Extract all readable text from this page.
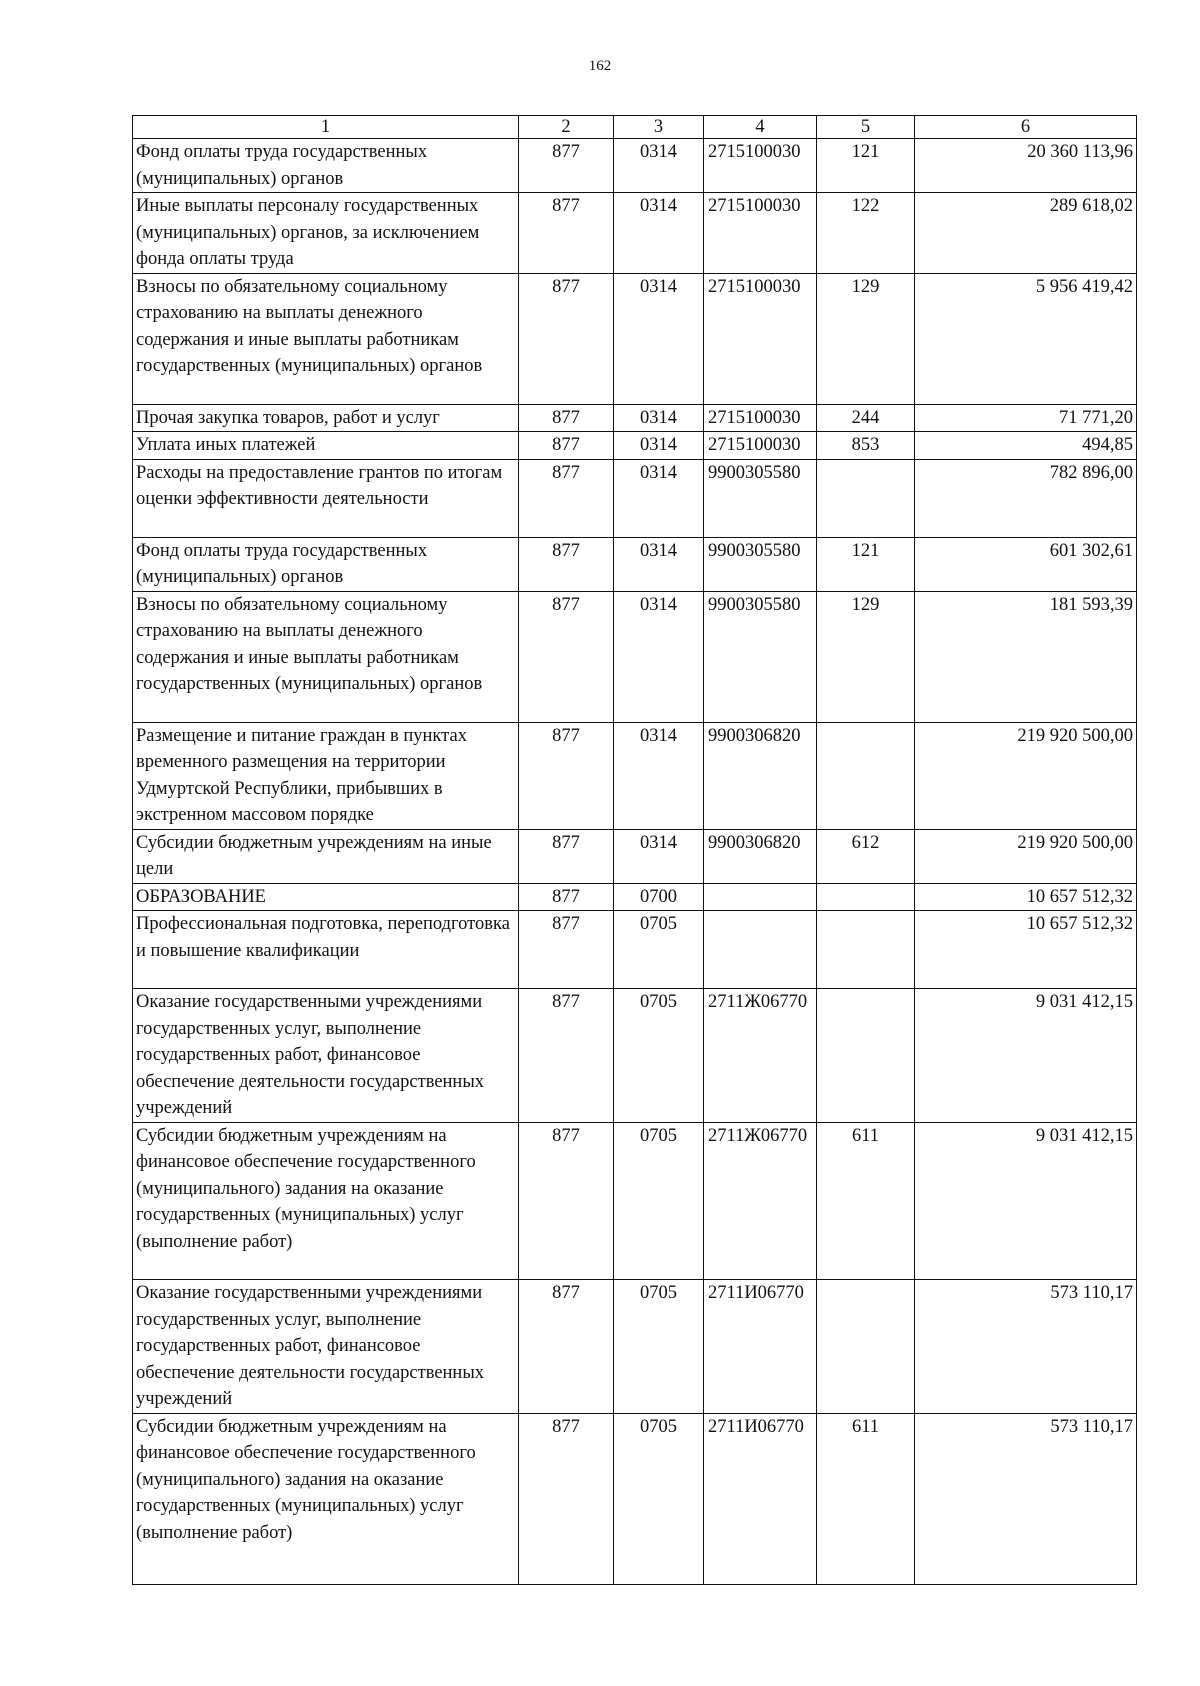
162
1	2	3	4	5	6
Фонд оплаты труда государственных (муниципальных) органов	877	0314	2715100030	121	20 360 113,96
Иные выплаты персоналу государственных (муниципальных) органов, за исключением фонда оплаты труда	877	0314	2715100030	122	289 618,02
Взносы по обязательному социальному страхованию на выплаты денежного содержания и иные выплаты работникам государственных (муниципальных) органов	877	0314	2715100030	129	5 956 419,42
Прочая закупка товаров, работ и услуг	877	0314	2715100030	244	71 771,20
Уплата иных платежей	877	0314	2715100030	853	494,85
Расходы на предоставление грантов по итогам оценки эффективности деятельности	877	0314	9900305580		782 896,00
Фонд оплаты труда государственных (муниципальных) органов	877	0314	9900305580	121	601 302,61
Взносы по обязательному социальному страхованию на выплаты денежного содержания и иные выплаты работникам государственных (муниципальных) органов	877	0314	9900305580	129	181 593,39
Размещение и питание граждан в пунктах временного размещения на территории Удмуртской Республики, прибывших в экстренном массовом порядке	877	0314	9900306820		219 920 500,00
Субсидии бюджетным учреждениям на иные цели	877	0314	9900306820	612	219 920 500,00
ОБРАЗОВАНИЕ	877	0700			10 657 512,32
Профессиональная подготовка, переподготовка и повышение квалификации	877	0705			10 657 512,32
Оказание государственными учреждениями государственных услуг, выполнение государственных работ, финансовое обеспечение деятельности государственных учреждений	877	0705	2711Ж06770		9 031 412,15
Субсидии бюджетным учреждениям на финансовое обеспечение государственного (муниципального) задания на оказание государственных (муниципальных) услуг (выполнение работ)	877	0705	2711Ж06770	611	9 031 412,15
Оказание государственными учреждениями государственных услуг, выполнение государственных работ, финансовое обеспечение деятельности государственных учреждений	877	0705	2711И06770		573 110,17
Субсидии бюджетным учреждениям на финансовое обеспечение государственного (муниципального) задания на оказание государственных (муниципальных) услуг (выполнение работ)	877	0705	2711И06770	611	573 110,17
